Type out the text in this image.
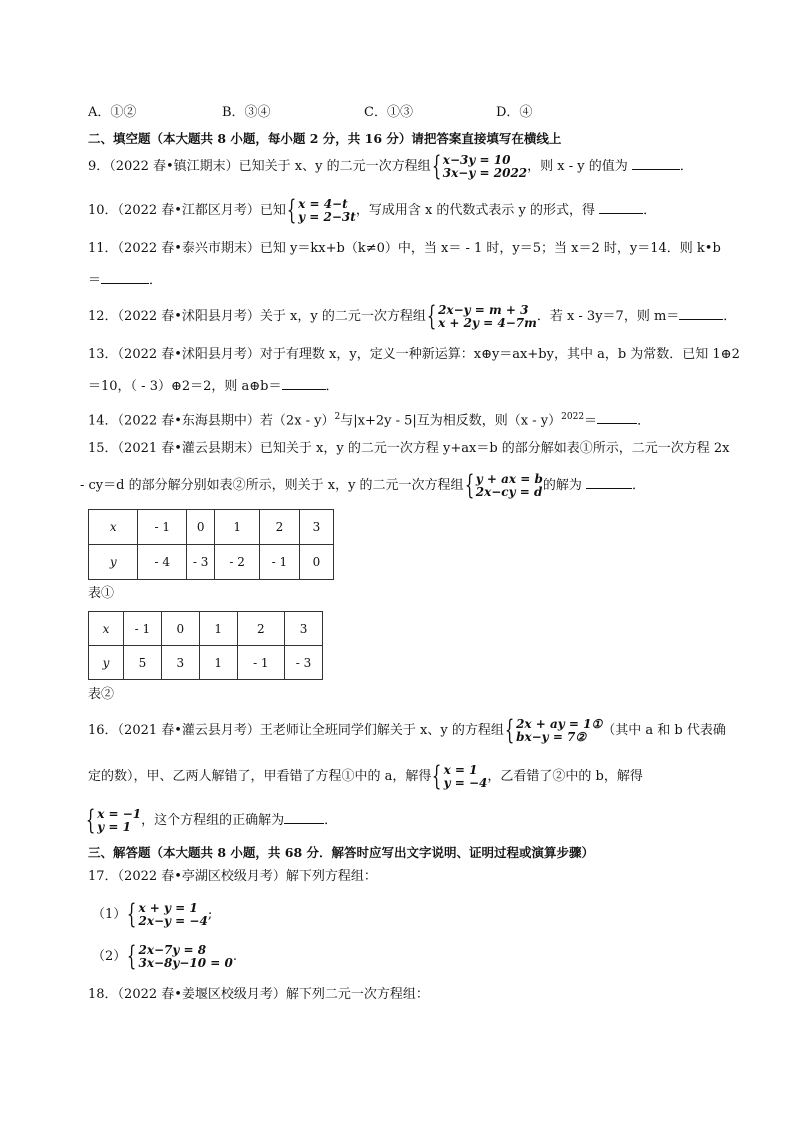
A．①②	B．③④	C．①③	D．④
二、填空题（本大题共 8 小题，每小题 2 分，共 16 分）请把答案直接填写在横线上
9．（2022 春•镇江期末）已知关于 x、y 的二元一次方程组{ x−3y = 10
3x−y = 2022，则 x - y 的值为	．
10．（2022 春•江都区月考）已知{ x = 4−t
y = 2−3t，写成用含 x 的代数式表示 y 的形式，得	．
11．（2022 春•泰兴市期末）已知 y＝kx+b（k≠0）中，当 x＝ - 1 时，y＝5；当 x＝2 时，y＝14．则 k•b
＝	．
12．（2022 春•沭阳县月考）关于 x，y 的二元一次方程组{ 2x−y = m + 3
x + 2y = 4−7m．若 x - 3y＝7，则 m＝	．
13．（2022 春•沭阳县月考）对于有理数 x，y，定义一种新运算：x⊕y＝ax+by，其中 a，b 为常数．已知 1⊕2
＝10，（ - 3）⊕2＝2，则 a⊕b＝	．
14．（2022 春•东海县期中）若（2x - y）$^2$与|x+2y - 5|互为相反数，则（x - y）$^{2022}$＝	．
15．（2021 春•灌云县期末）已知关于 x，y 的二元一次方程 y+ax＝b 的部分解如表①所示，二元一次方程 2x
- cy＝d 的部分解分别如表②所示，则关于 x，y 的二元一次方程组{ y + ax = b
2x−cy = d的解为	．
x	- 1	0	1	2	3
y	- 4	- 3	- 2	- 1	0
表①
x	- 1	0	1	2	3
y	5	3	1	- 1	- 3
表②
16．（2021 春•灌云县月考）王老师让全班同学们解关于 x、y 的方程组{ 2x + ay = 1①
bx−y = 7② （其中 a 和 b 代表确
定的数），甲、乙两人解错了，甲看错了方程①中的 a，解得{ x = 1
y = −4，乙看错了②中的 b，解得
{ x = −1
y = 1 ，这个方程组的正确解为	．
三、解答题（本大题共 8 小题，共 68 分．解答时应写出文字说明、证明过程或演算步骤）
17．（2022 春•亭湖区校级月考）解下列方程组：
（1）{ x + y = 1
2x−y = −4;
（2）{ 2x−7y = 8
3x−8y−10 = 0.
18．（2022 春•姜堰区校级月考）解下列二元一次方程组：
